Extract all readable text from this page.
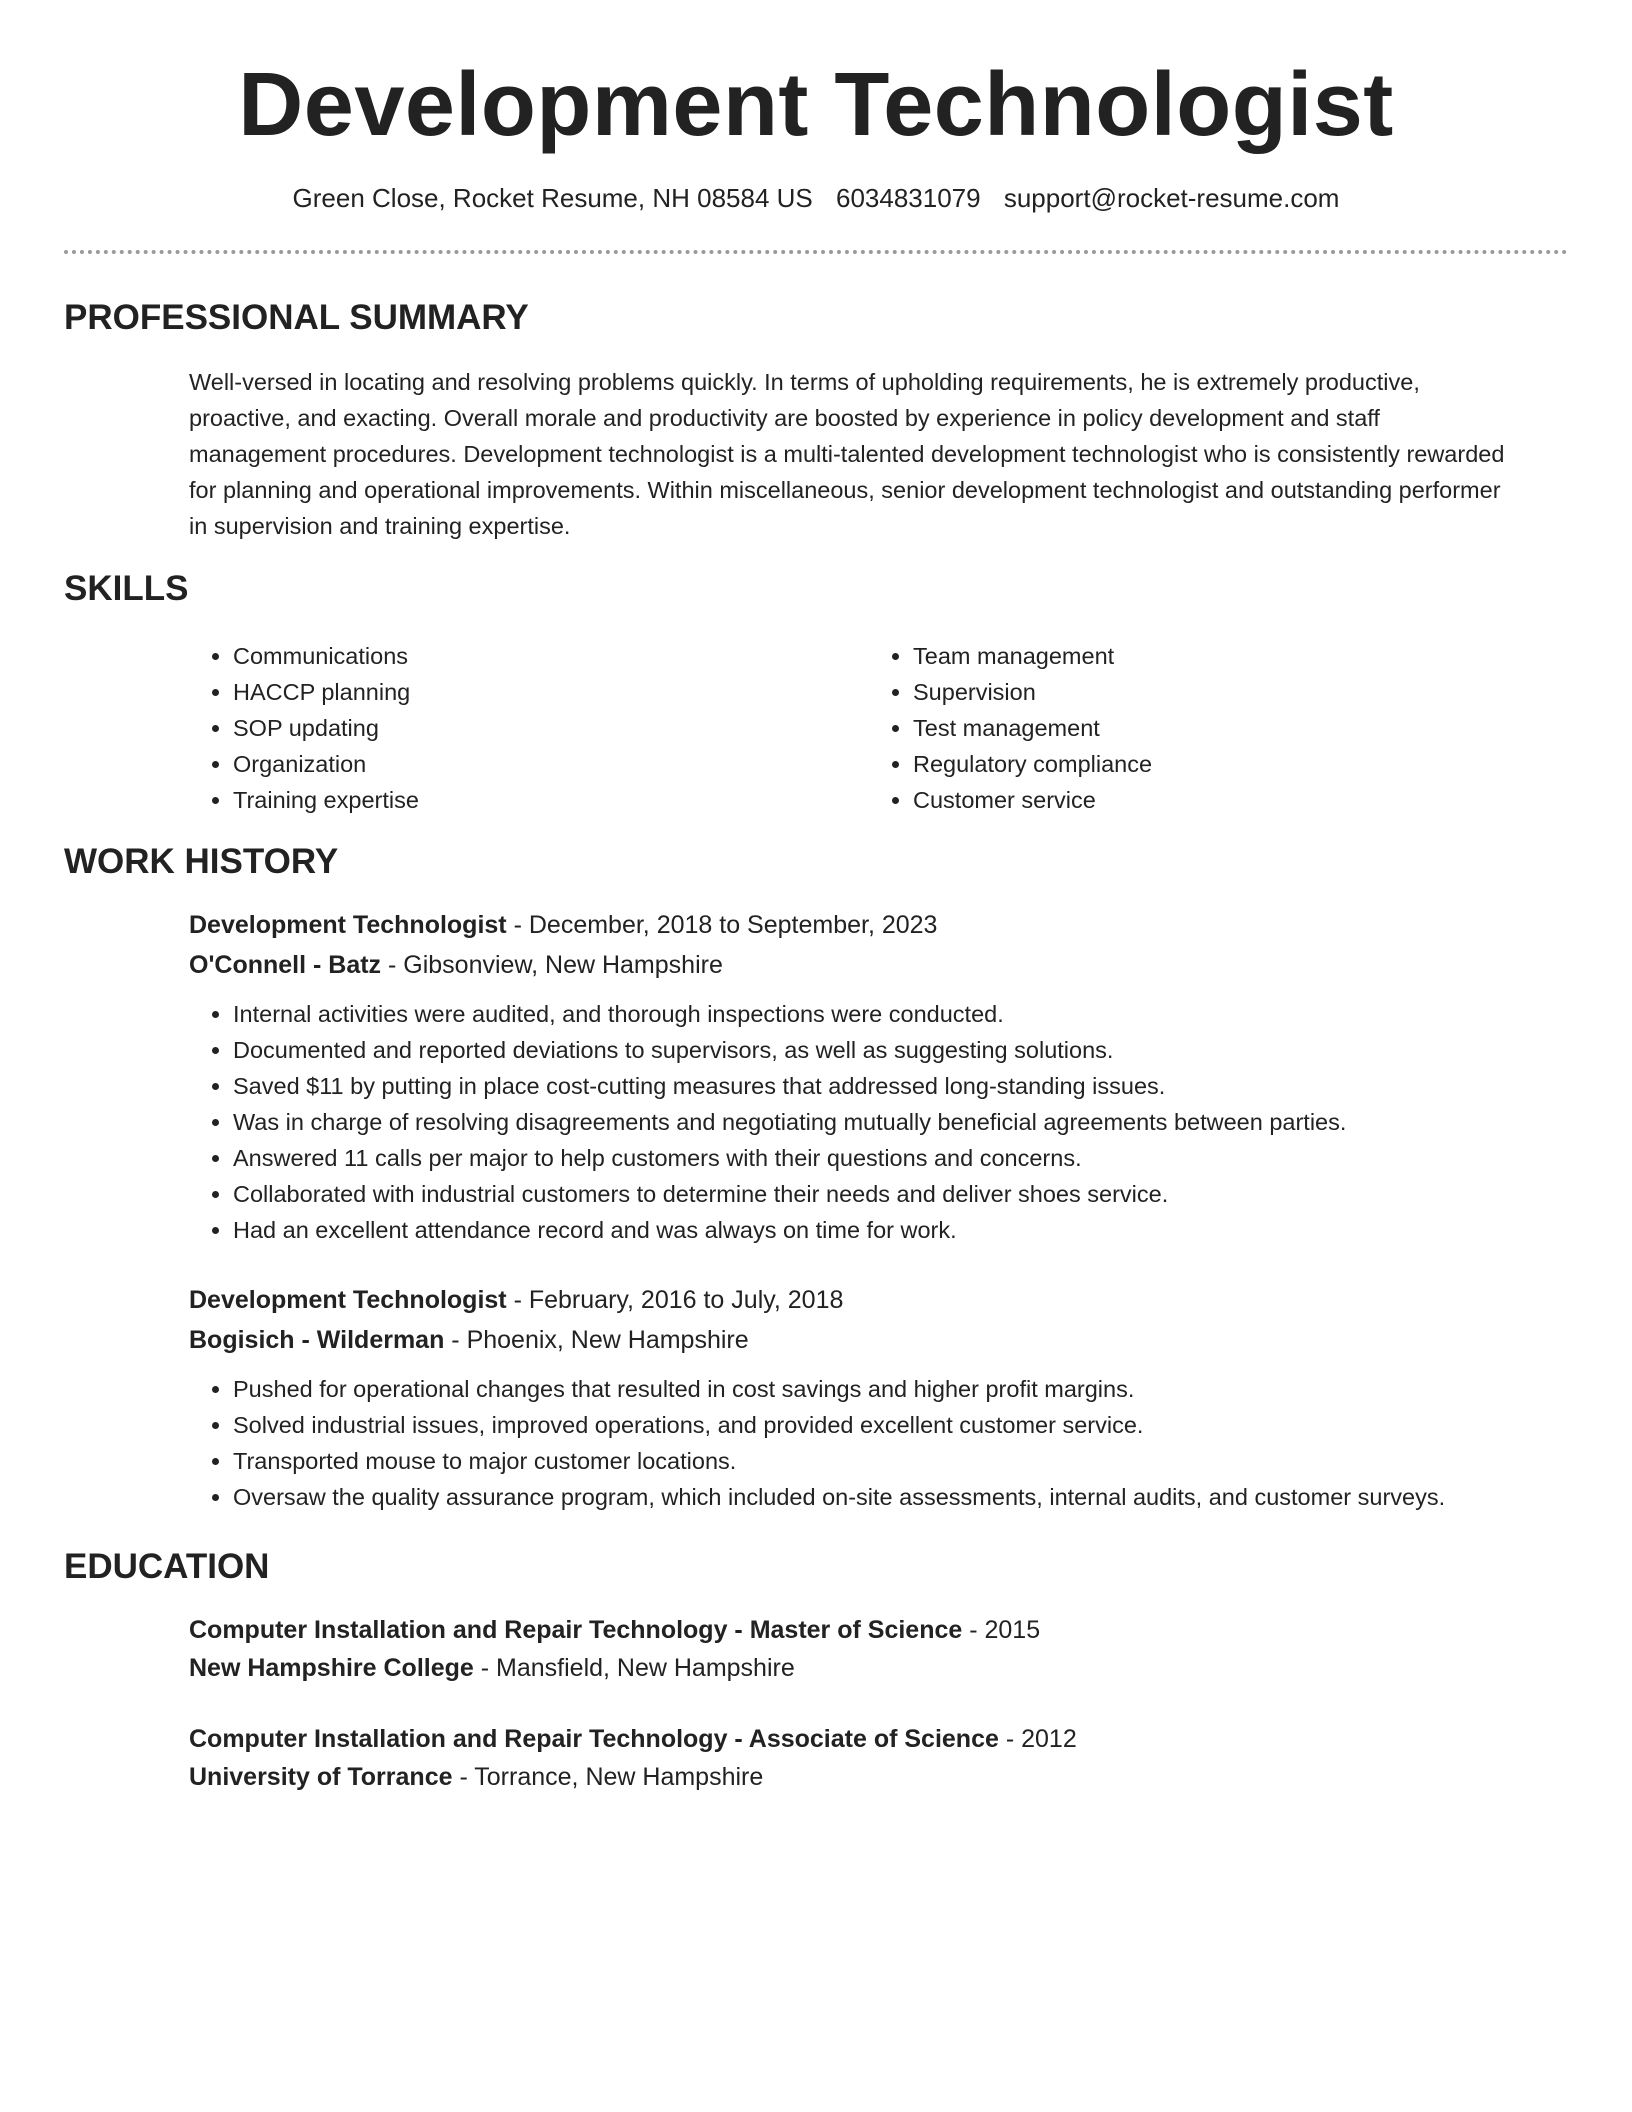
Development Technologist
Green Close, Rocket Resume, NH 08584 US 6034831079 support@rocket-resume.com
PROFESSIONAL SUMMARY
Well-versed in locating and resolving problems quickly. In terms of upholding requirements, he is extremely productive, proactive, and exacting. Overall morale and productivity are boosted by experience in policy development and staff management procedures. Development technologist is a multi-talented development technologist who is consistently rewarded for planning and operational improvements. Within miscellaneous, senior development technologist and outstanding performer in supervision and training expertise.
SKILLS
• Communications
• HACCP planning
• SOP updating
• Organization
• Training expertise
• Team management
• Supervision
• Test management
• Regulatory compliance
• Customer service
WORK HISTORY
Development Technologist - December, 2018 to September, 2023
O'Connell - Batz - Gibsonview, New Hampshire
• Internal activities were audited, and thorough inspections were conducted.
• Documented and reported deviations to supervisors, as well as suggesting solutions.
• Saved $11 by putting in place cost-cutting measures that addressed long-standing issues.
• Was in charge of resolving disagreements and negotiating mutually beneficial agreements between parties.
• Answered 11 calls per major to help customers with their questions and concerns.
• Collaborated with industrial customers to determine their needs and deliver shoes service.
• Had an excellent attendance record and was always on time for work.
Development Technologist - February, 2016 to July, 2018
Bogisich - Wilderman - Phoenix, New Hampshire
• Pushed for operational changes that resulted in cost savings and higher profit margins.
• Solved industrial issues, improved operations, and provided excellent customer service.
• Transported mouse to major customer locations.
• Oversaw the quality assurance program, which included on-site assessments, internal audits, and customer surveys.
EDUCATION
Computer Installation and Repair Technology - Master of Science - 2015
New Hampshire College - Mansfield, New Hampshire
Computer Installation and Repair Technology - Associate of Science - 2012
University of Torrance - Torrance, New Hampshire
